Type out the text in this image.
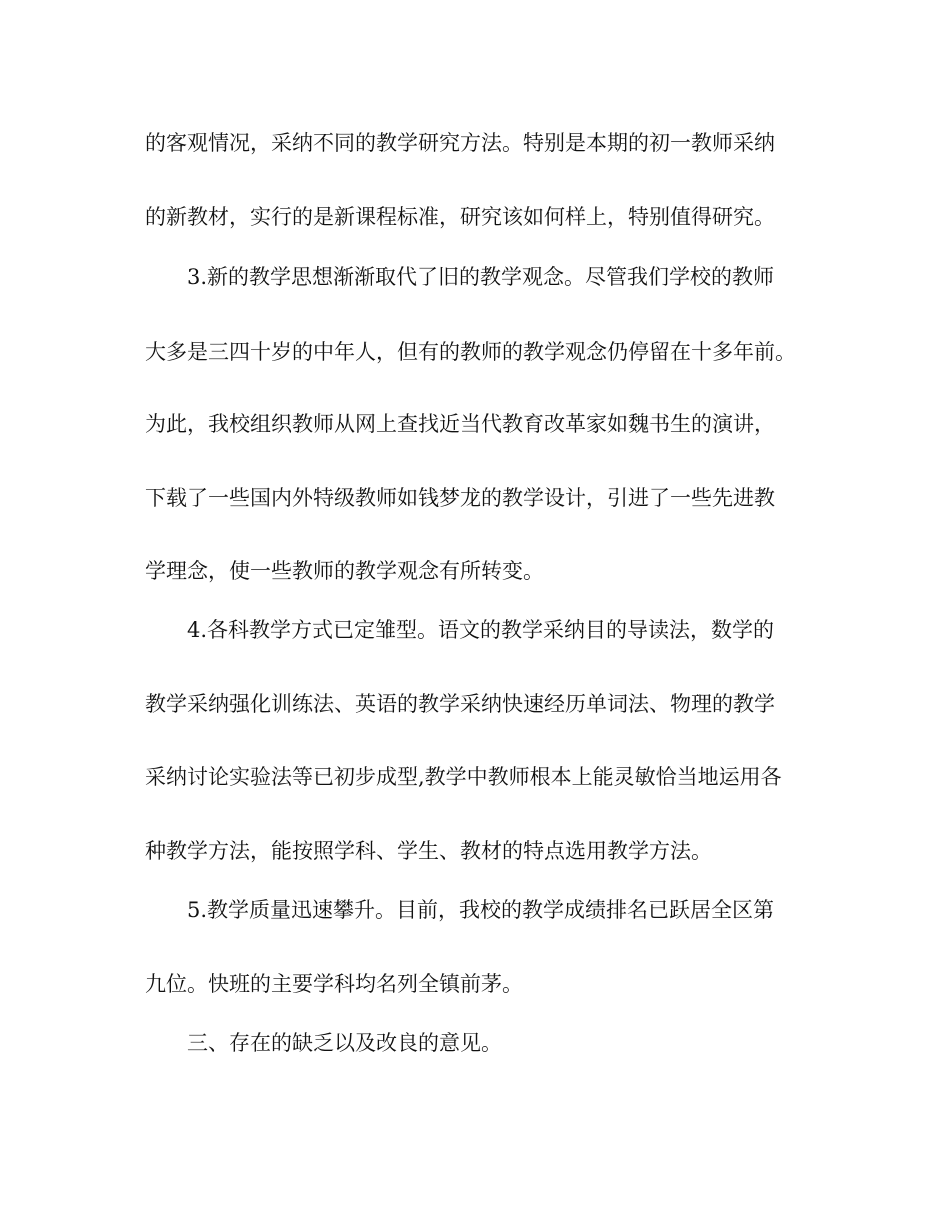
的客观情况，采纳不同的教学研究方法。特别是本期的初一教师采纳
的新教材，实行的是新课程标准，研究该如何样上，特别值得研究。
3.新的教学思想渐渐取代了旧的教学观念。尽管我们学校的教师
大多是三四十岁的中年人，但有的教师的教学观念仍停留在十多年前。
为此，我校组织教师从网上查找近当代教育改革家如魏书生的演讲，
下载了一些国内外特级教师如钱梦龙的教学设计，引进了一些先进教
学理念，使一些教师的教学观念有所转变。
4.各科教学方式已定雏型。语文的教学采纳目的导读法，数学的
教学采纳强化训练法、英语的教学采纳快速经历单词法、物理的教学
采纳讨论实验法等已初步成型,教学中教师根本上能灵敏恰当地运用各
种教学方法，能按照学科、学生、教材的特点选用教学方法。
5.教学质量迅速攀升。目前，我校的教学成绩排名已跃居全区第
九位。快班的主要学科均名列全镇前茅。
三、存在的缺乏以及改良的意见。
